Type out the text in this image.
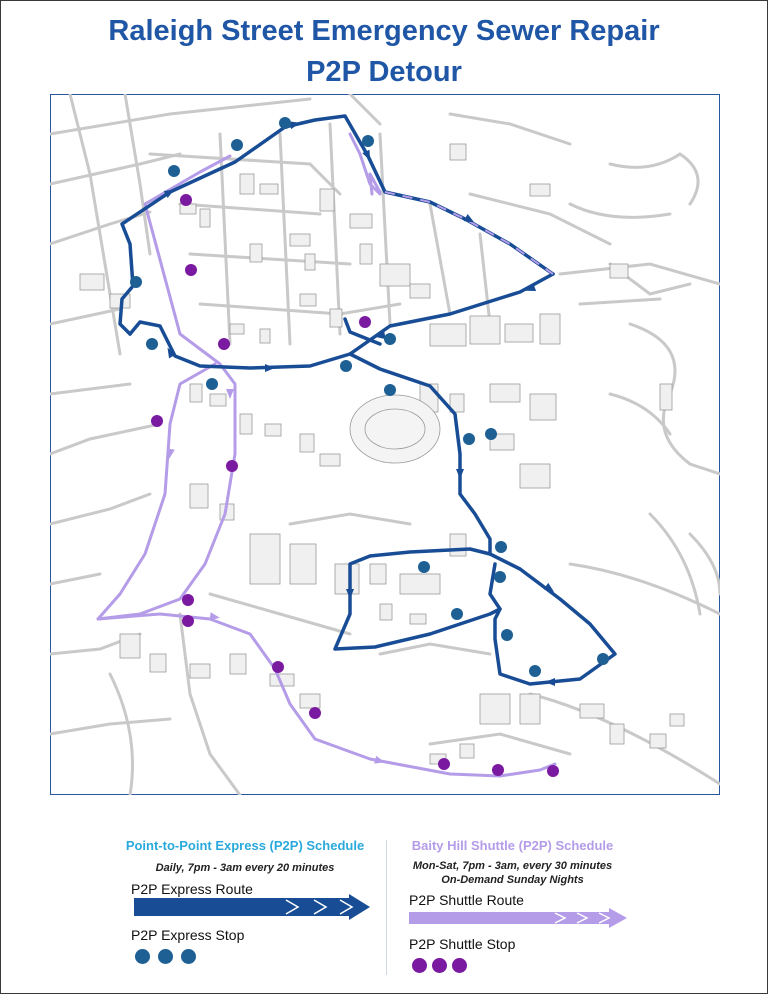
Raleigh Street Emergency Sewer Repair
P2P Detour
Point-to-Point Express (P2P) Schedule
Daily, 7pm - 3am every 20 minutes
P2P Express Route
P2P Express Stop
Baity Hill Shuttle (P2P) Schedule
Mon-Sat, 7pm - 3am, every 30 minutes
On-Demand Sunday Nights
P2P Shuttle Route
P2P Shuttle Stop
